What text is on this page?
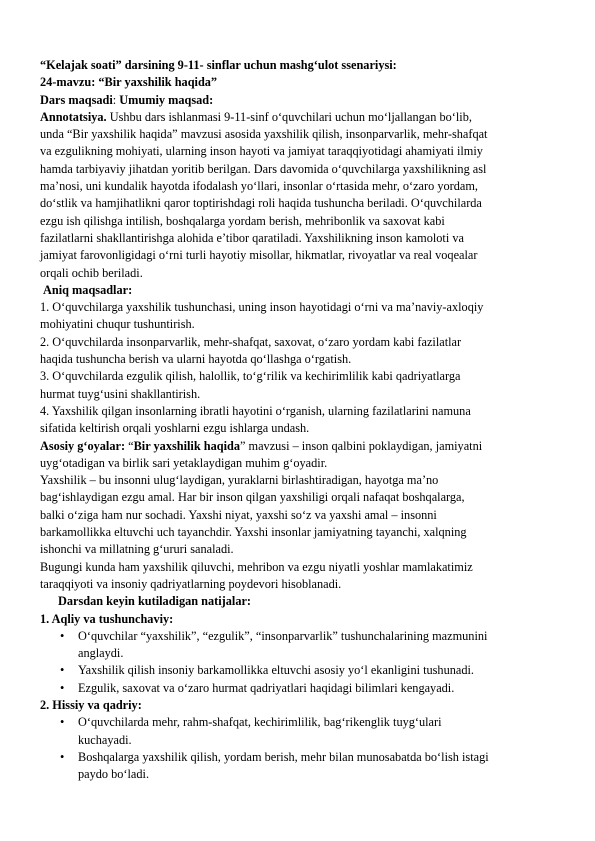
“Kelajak soati” darsining 9-11- sinflar uchun mashg‘ulot ssenariysi:
24-mavzu: “Bir yaxshilik haqida”
Dars maqsadi: Umumiy maqsad:
Annotatsiya. Ushbu dars ishlanmasi 9-11-sinf o‘quvchilari uchun mo‘ljallangan bo‘lib,
unda “Bir yaxshilik haqida” mavzusi asosida yaxshilik qilish, insonparvarlik, mehr-shafqat
va ezgulikning mohiyati, ularning inson hayoti va jamiyat taraqqiyotidagi ahamiyati ilmiy
hamda tarbiyaviy jihatdan yoritib berilgan. Dars davomida o‘quvchilarga yaxshilikning asl
ma’nosi, uni kundalik hayotda ifodalash yo‘llari, insonlar o‘rtasida mehr, o‘zaro yordam,
do‘stlik va hamjihatlikni qaror toptirishdagi roli haqida tushuncha beriladi. O‘quvchilarda
ezgu ish qilishga intilish, boshqalarga yordam berish, mehribonlik va saxovat kabi
fazilatlarni shakllantirishga alohida e’tibor qaratiladi. Yaxshilikning inson kamoloti va
jamiyat farovonligidagi o‘rni turli hayotiy misollar, hikmatlar, rivoyatlar va real voqealar
orqali ochib beriladi.
Aniq maqsadlar:
1. O‘quvchilarga yaxshilik tushunchasi, uning inson hayotidagi o‘rni va ma’naviy-axloqiy
mohiyatini chuqur tushuntirish.
2. O‘quvchilarda insonparvarlik, mehr-shafqat, saxovat, o‘zaro yordam kabi fazilatlar
haqida tushuncha berish va ularni hayotda qo‘llashga o‘rgatish.
3. O‘quvchilarda ezgulik qilish, halollik, to‘g‘rilik va kechirimlilik kabi qadriyatlarga
hurmat tuyg‘usini shakllantirish.
4. Yaxshilik qilgan insonlarning ibratli hayotini o‘rganish, ularning fazilatlarini namuna
sifatida keltirish orqali yoshlarni ezgu ishlarga undash.
Asosiy g‘oyalar: “Bir yaxshilik haqida” mavzusi – inson qalbini poklaydigan, jamiyatni
uyg‘otadigan va birlik sari yetaklaydigan muhim g‘oyadir.
Yaxshilik – bu insonni ulug‘laydigan, yuraklarni birlashtiradigan, hayotga ma’no
bag‘ishlaydigan ezgu amal. Har bir inson qilgan yaxshiligi orqali nafaqat boshqalarga,
balki o‘ziga ham nur sochadi. Yaxshi niyat, yaxshi so‘z va yaxshi amal – insonni
barkamollikka eltuvchi uch tayanchdir. Yaxshi insonlar jamiyatning tayanchi, xalqning
ishonchi va millatning g‘ururi sanaladi.
Bugungi kunda ham yaxshilik qiluvchi, mehribon va ezgu niyatli yoshlar mamlakatimiz
taraqqiyoti va insoniy qadriyatlarning poydevori hisoblanadi.
Darsdan keyin kutiladigan natijalar:
1. Aqliy va tushunchaviy:
• O‘quvchilar “yaxshilik”, “ezgulik”, “insonparvarlik” tushunchalarining mazmunini
anglaydi.
• Yaxshilik qilish insoniy barkamollikka eltuvchi asosiy yo‘l ekanligini tushunadi.
• Ezgulik, saxovat va o‘zaro hurmat qadriyatlari haqidagi bilimlari kengayadi.
2. Hissiy va qadriy:
• O‘quvchilarda mehr, rahm-shafqat, kechirimlilik, bag‘rikenglik tuyg‘ulari
kuchayadi.
• Boshqalarga yaxshilik qilish, yordam berish, mehr bilan munosabatda bo‘lish istagi
paydo bo‘ladi.
